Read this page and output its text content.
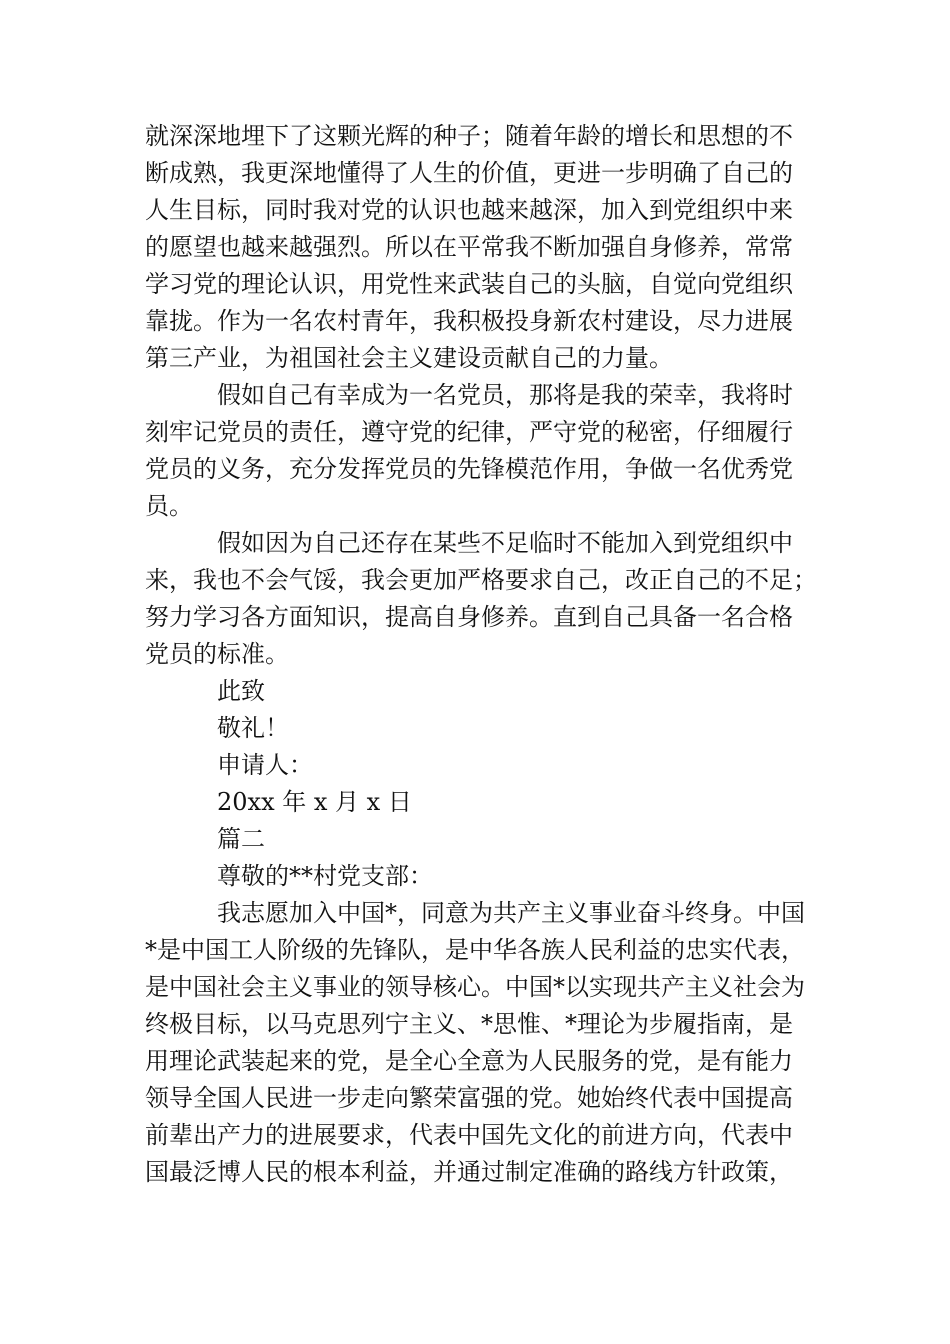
就深深地埋下了这颗光辉的种子；随着年龄的增长和思想的不
断成熟，我更深地懂得了人生的价值，更进一步明确了自己的
人生目标，同时我对党的认识也越来越深，加入到党组织中来
的愿望也越来越强烈。所以在平常我不断加强自身修养，常常
学习党的理论认识，用党性来武装自己的头脑，自觉向党组织
靠拢。作为一名农村青年，我积极投身新农村建设，尽力进展
第三产业，为祖国社会主义建设贡献自己的力量。
假如自己有幸成为一名党员，那将是我的荣幸，我将时
刻牢记党员的责任，遵守党的纪律，严守党的秘密，仔细履行
党员的义务，充分发挥党员的先锋模范作用，争做一名优秀党
员。
假如因为自己还存在某些不足临时不能加入到党组织中
来，我也不会气馁，我会更加严格要求自己，改正自己的不足；
努力学习各方面知识，提高自身修养。直到自己具备一名合格
党员的标准。
此致
敬礼！
申请人：
20xx 年 x 月 x 日
篇二
尊敬的**村党支部：
我志愿加入中国*，同意为共产主义事业奋斗终身。中国
*是中国工人阶级的先锋队，是中华各族人民利益的忠实代表，
是中国社会主义事业的领导核心。中国*以实现共产主义社会为
终极目标，以马克思列宁主义、*思惟、*理论为步履指南，是
用理论武装起来的党，是全心全意为人民服务的党，是有能力
领导全国人民进一步走向繁荣富强的党。她始终代表中国提高
前辈出产力的进展要求，代表中国先文化的前进方向，代表中
国最泛博人民的根本利益，并通过制定准确的路线方针政策，
